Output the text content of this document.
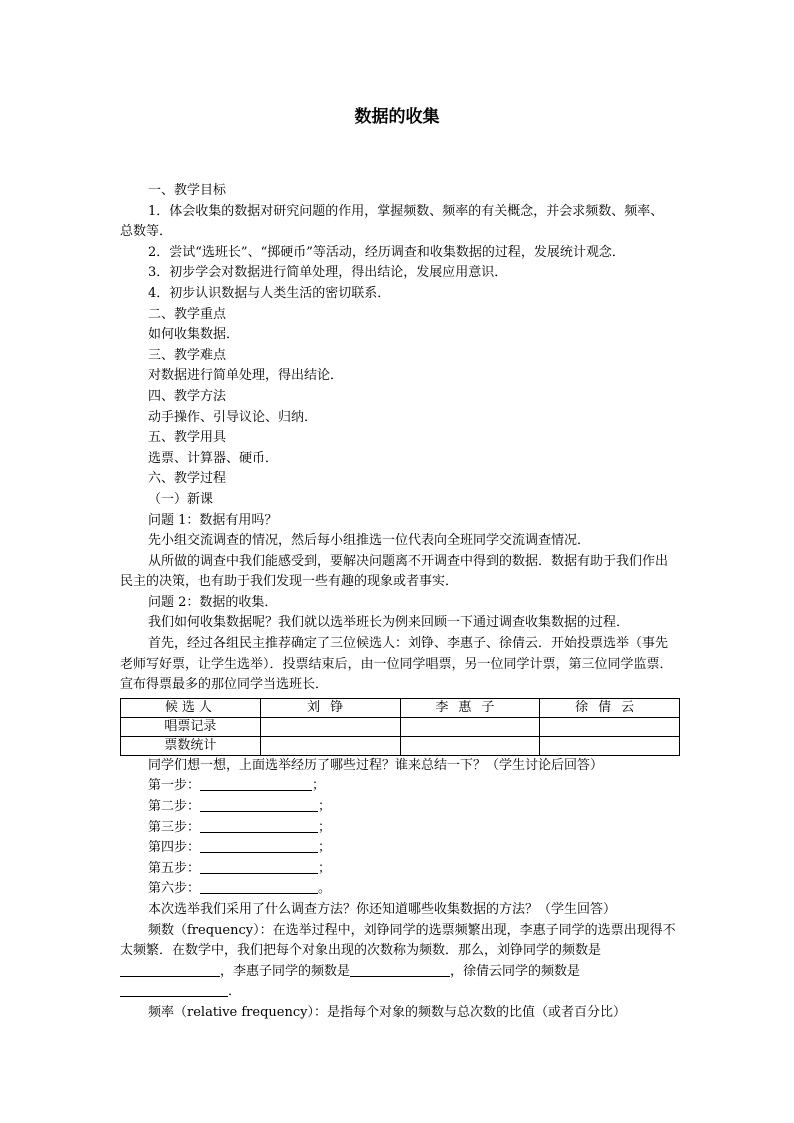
数据的收集

一、教学目标

1．体会收集的数据对研究问题的作用，掌握频数、频率的有关概念，并会求频数、频率、总数等．

2．尝试“选班长”、“掷硬币”等活动，经历调查和收集数据的过程，发展统计观念．

3．初步学会对数据进行简单处理，得出结论，发展应用意识．

4．初步认识数据与人类生活的密切联系．

二、教学重点

如何收集数据．

三、教学难点

对数据进行简单处理，得出结论．

四、教学方法

动手操作、引导议论、归纳．

五、教学用具

选票、计算器、硬币．

六、教学过程

（一）新课

问题 1：数据有用吗？

先小组交流调查的情况，然后每小组推选一位代表向全班同学交流调查情况．

从所做的调查中我们能感受到，要解决问题离不开调查中得到的数据．数据有助于我们作出民主的决策，也有助于我们发现一些有趣的现象或者事实．

问题 2：数据的收集．

我们如何收集数据呢？我们就以选举班长为例来回顾一下通过调查收集数据的过程．

首先，经过各组民主推荐确定了三位候选人：刘铮、李惠子、徐倩云．开始投票选举（事先老师写好票，让学生选举）．投票结束后，由一位同学唱票，另一位同学计票，第三位同学监票．宣布得票最多的那位同学当选班长．

候选人	刘铮	李惠子	徐倩云
唱票记录			
票数统计			

同学们想一想，上面选举经历了哪些过程？谁来总结一下？（学生讨论后回答）

第一步：	；

第二步：	；

第三步：	；

第四步：	；

第五步：	；

第六步：	。

本次选举我们采用了什么调查方法？你还知道哪些收集数据的方法？（学生回答）

频数（frequency）：在选举过程中，刘铮同学的选票频繁出现，李惠子同学的选票出现得不太频繁．在数学中，我们把每个对象出现的次数称为频数．那么，刘铮同学的频数是，李惠子同学的频数是	，徐倩云同学的频数是．

频率（relative frequency）：是指每个对象的频数与总次数的比值（或者百分比）
